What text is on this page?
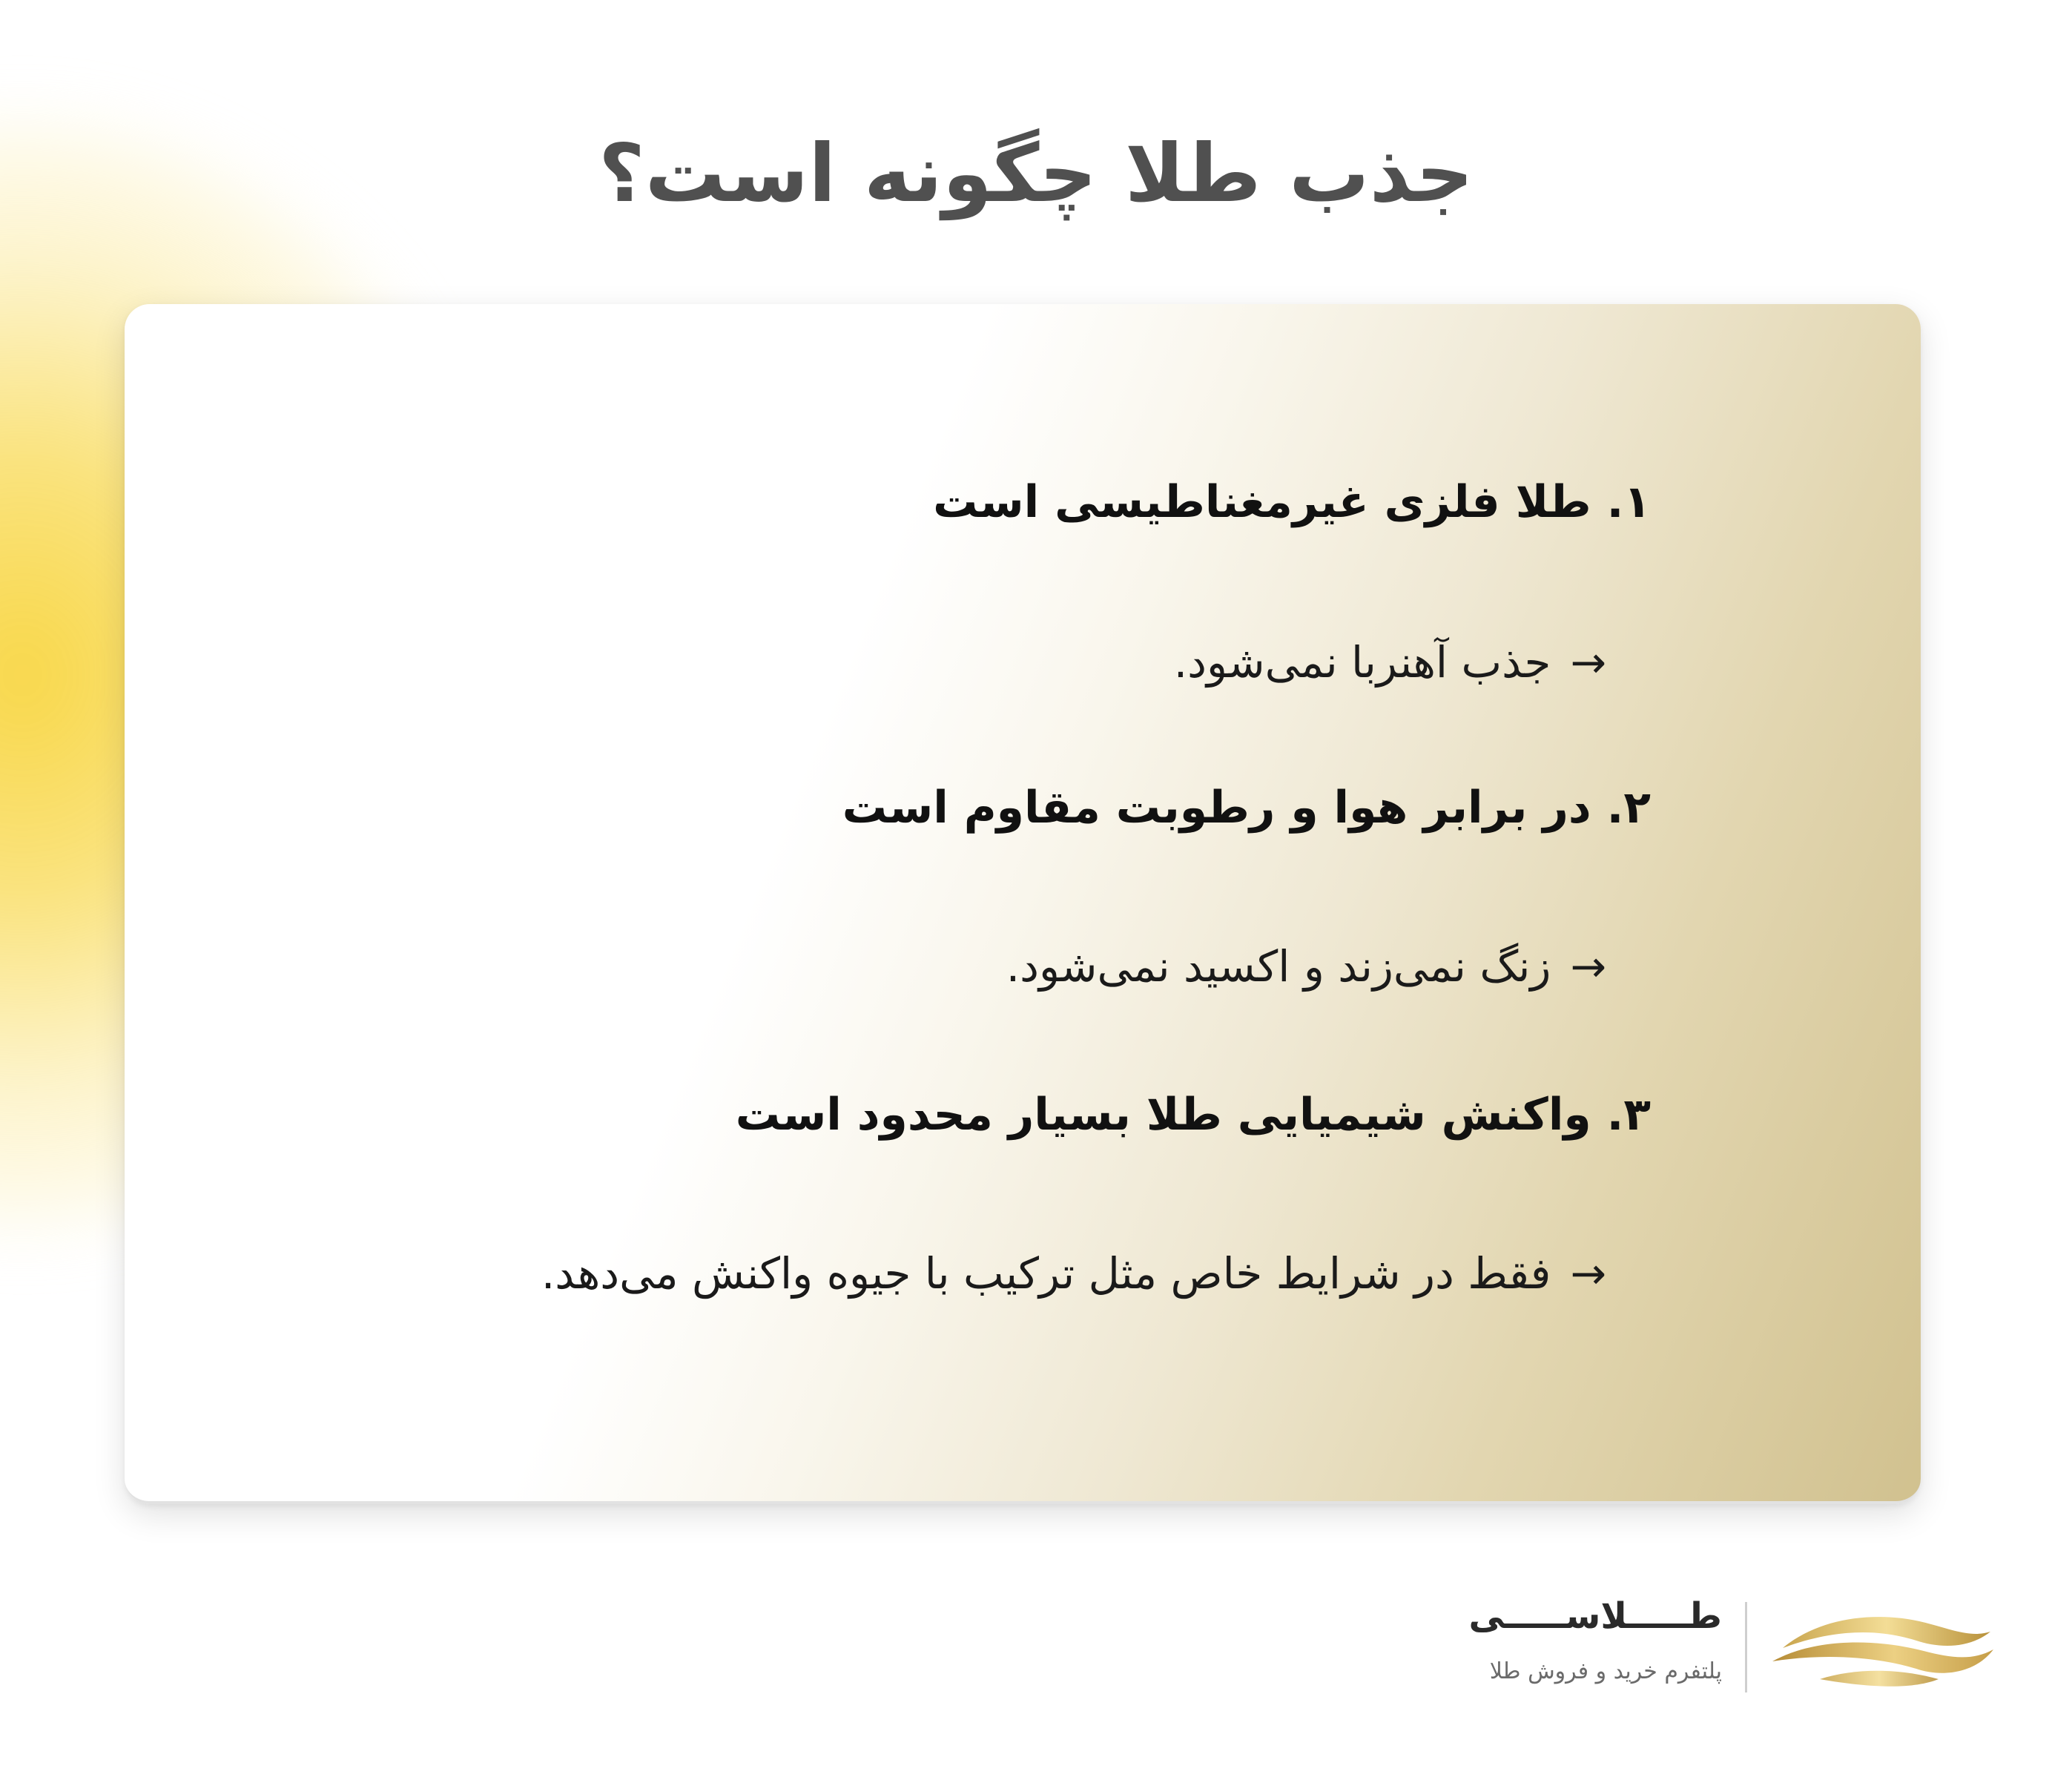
جذب طلا چگونه است؟
۱. طلا فلزی غیرمغناطیسی است
→جذب آهنربا نمی‌شود.
۲. در برابر هوا و رطوبت مقاوم است
→زنگ نمی‌زند و اکسید نمی‌شود.
۳. واکنش شیمیایی طلا بسیار محدود است
→فقط در شرایط خاص مثل ترکیب با جیوه واکنش می‌دهد.
طـــــلاســـــی
پلتفرم خرید و فروش طلا
